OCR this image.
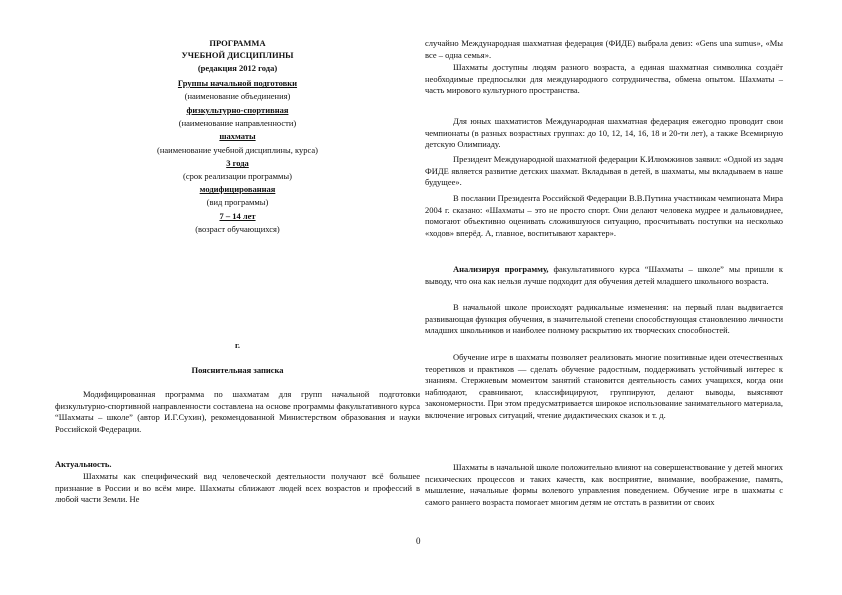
ПРОГРАММА

УЧЕБНОЙ ДИСЦИПЛИНЫ

(редакция 2012 года)

Группы начальной подготовки

(наименование объединения)

физкультурно-спортивная

(наименование направленности)

шахматы

(наименование учебной дисциплины, курса)

3 года

(срок реализации программы)

модифицированная

(вид программы)

7 – 14 лет

(возраст обучающихся)

г.

Пояснительная записка

Модифицированная программа по шахматам для групп начальной подготовки физкультурно-спортивной направленности составлена на основе программы факультативного курса “Шахматы – школе” (автор И.Г.Сухин), рекомендованной Министерством образования и науки Российской Федерации.

Актуальность.

Шахматы как специфический вид человеческой деятельности получают всё большее признание в России и во всём мире. Шахматы сближают людей всех возрастов и профессий в любой части Земли. Не

случайно Международная шахматная федерация (ФИДЕ) выбрала девиз: «Gens una sumus», «Мы все – одна семья».

Шахматы доступны людям разного возраста, а единая шахматная символика создаёт необходимые предпосылки для международного сотрудничества, обмена опытом. Шахматы – часть мирового культурного пространства.

Для юных шахматистов Международная шахматная федерация ежегодно проводит свои чемпионаты (в разных возрастных группах: до 10, 12, 14, 16, 18 и 20-ти лет), а также Всемирную детскую Олимпиаду.

Президент Международной шахматной федерации К.Илюмжинов заявил: «Одной из задач ФИДЕ является развитие детских шахмат. Вкладывая в детей, в шахматы, мы вкладываем в наше будущее».

В послании Президента Российской Федерации В.В.Путина участникам чемпионата Мира 2004 г. сказано: «Шахматы – это не просто спорт. Они делают человека мудрее и дальновиднее, помогают объективно оценивать сложившуюся ситуацию, просчитывать поступки на несколько «ходов» вперёд. А, главное, воспитывают характер».

Анализируя программу, факультативного курса “Шахматы – школе” мы пришли к выводу, что она как нельзя лучше подходит для обучения детей младшего школьного возраста.

В начальной школе происходят радикальные изменения: на первый план выдвигается развивающая функция обучения, в значительной степени способствующая становлению личности младших школьников и наиболее полному раскрытию их творческих способностей.

Обучение игре в шахматы позволяет реализовать многие позитивные идеи отечественных теоретиков и практиков — сделать обучение радостным, поддерживать устойчивый интерес к знаниям. Стержневым моментом занятий становится деятельность самих учащихся, когда они наблюдают, сравнивают, классифицируют, группируют, делают выводы, выясняют закономерности. При этом предусматривается широкое использование занимательного материала, включение игровых ситуаций, чтение дидактических сказок и т. д.

Шахматы в начальной школе положительно влияют на совершенствование у детей многих психических процессов и таких качеств, как восприятие, внимание, воображение, память, мышление, начальные формы волевого управления поведением. Обучение игре в шахматы с самого раннего возраста помогает многим детям не отстать в развитии от своих

0
